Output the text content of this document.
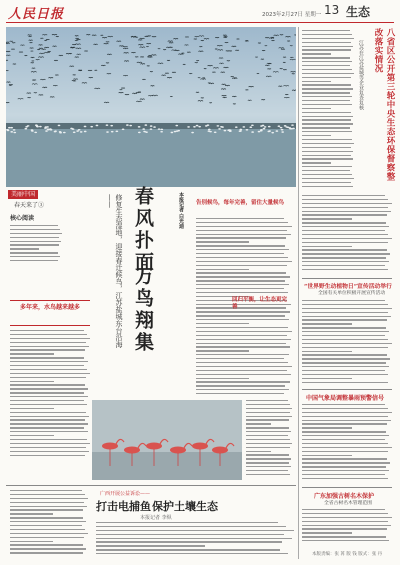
人民日报	2023年2月27日 星期一 13 生态
美丽中国
春天来了③
核心阅读
多年来，水鸟越来越多	修复生态湿地，迎接春迁候鸟，江苏盐城东台沿海—— 春风扑面
万鸟翔集
本报记者 白光迪 告别候鸟，每年完善，留住大量候鸟
回归平衡，让生态更完善
广西开展公益诉讼——
打击电捕鱼 保护土壤生态
本报记者 李纵
八省区公开第三轮中央生态环保督察整改落实情况
江苏在江苏盐城等企业复查复核
“世界野生动植物日”宣传活动举行
全国有关单位积极开展宣传活动
中国气象局调整暴雨预警信号
广东加强古树名木保护
全省古树名木管理范围
本版责编：张 苒 版 钱 版式：张 丹
